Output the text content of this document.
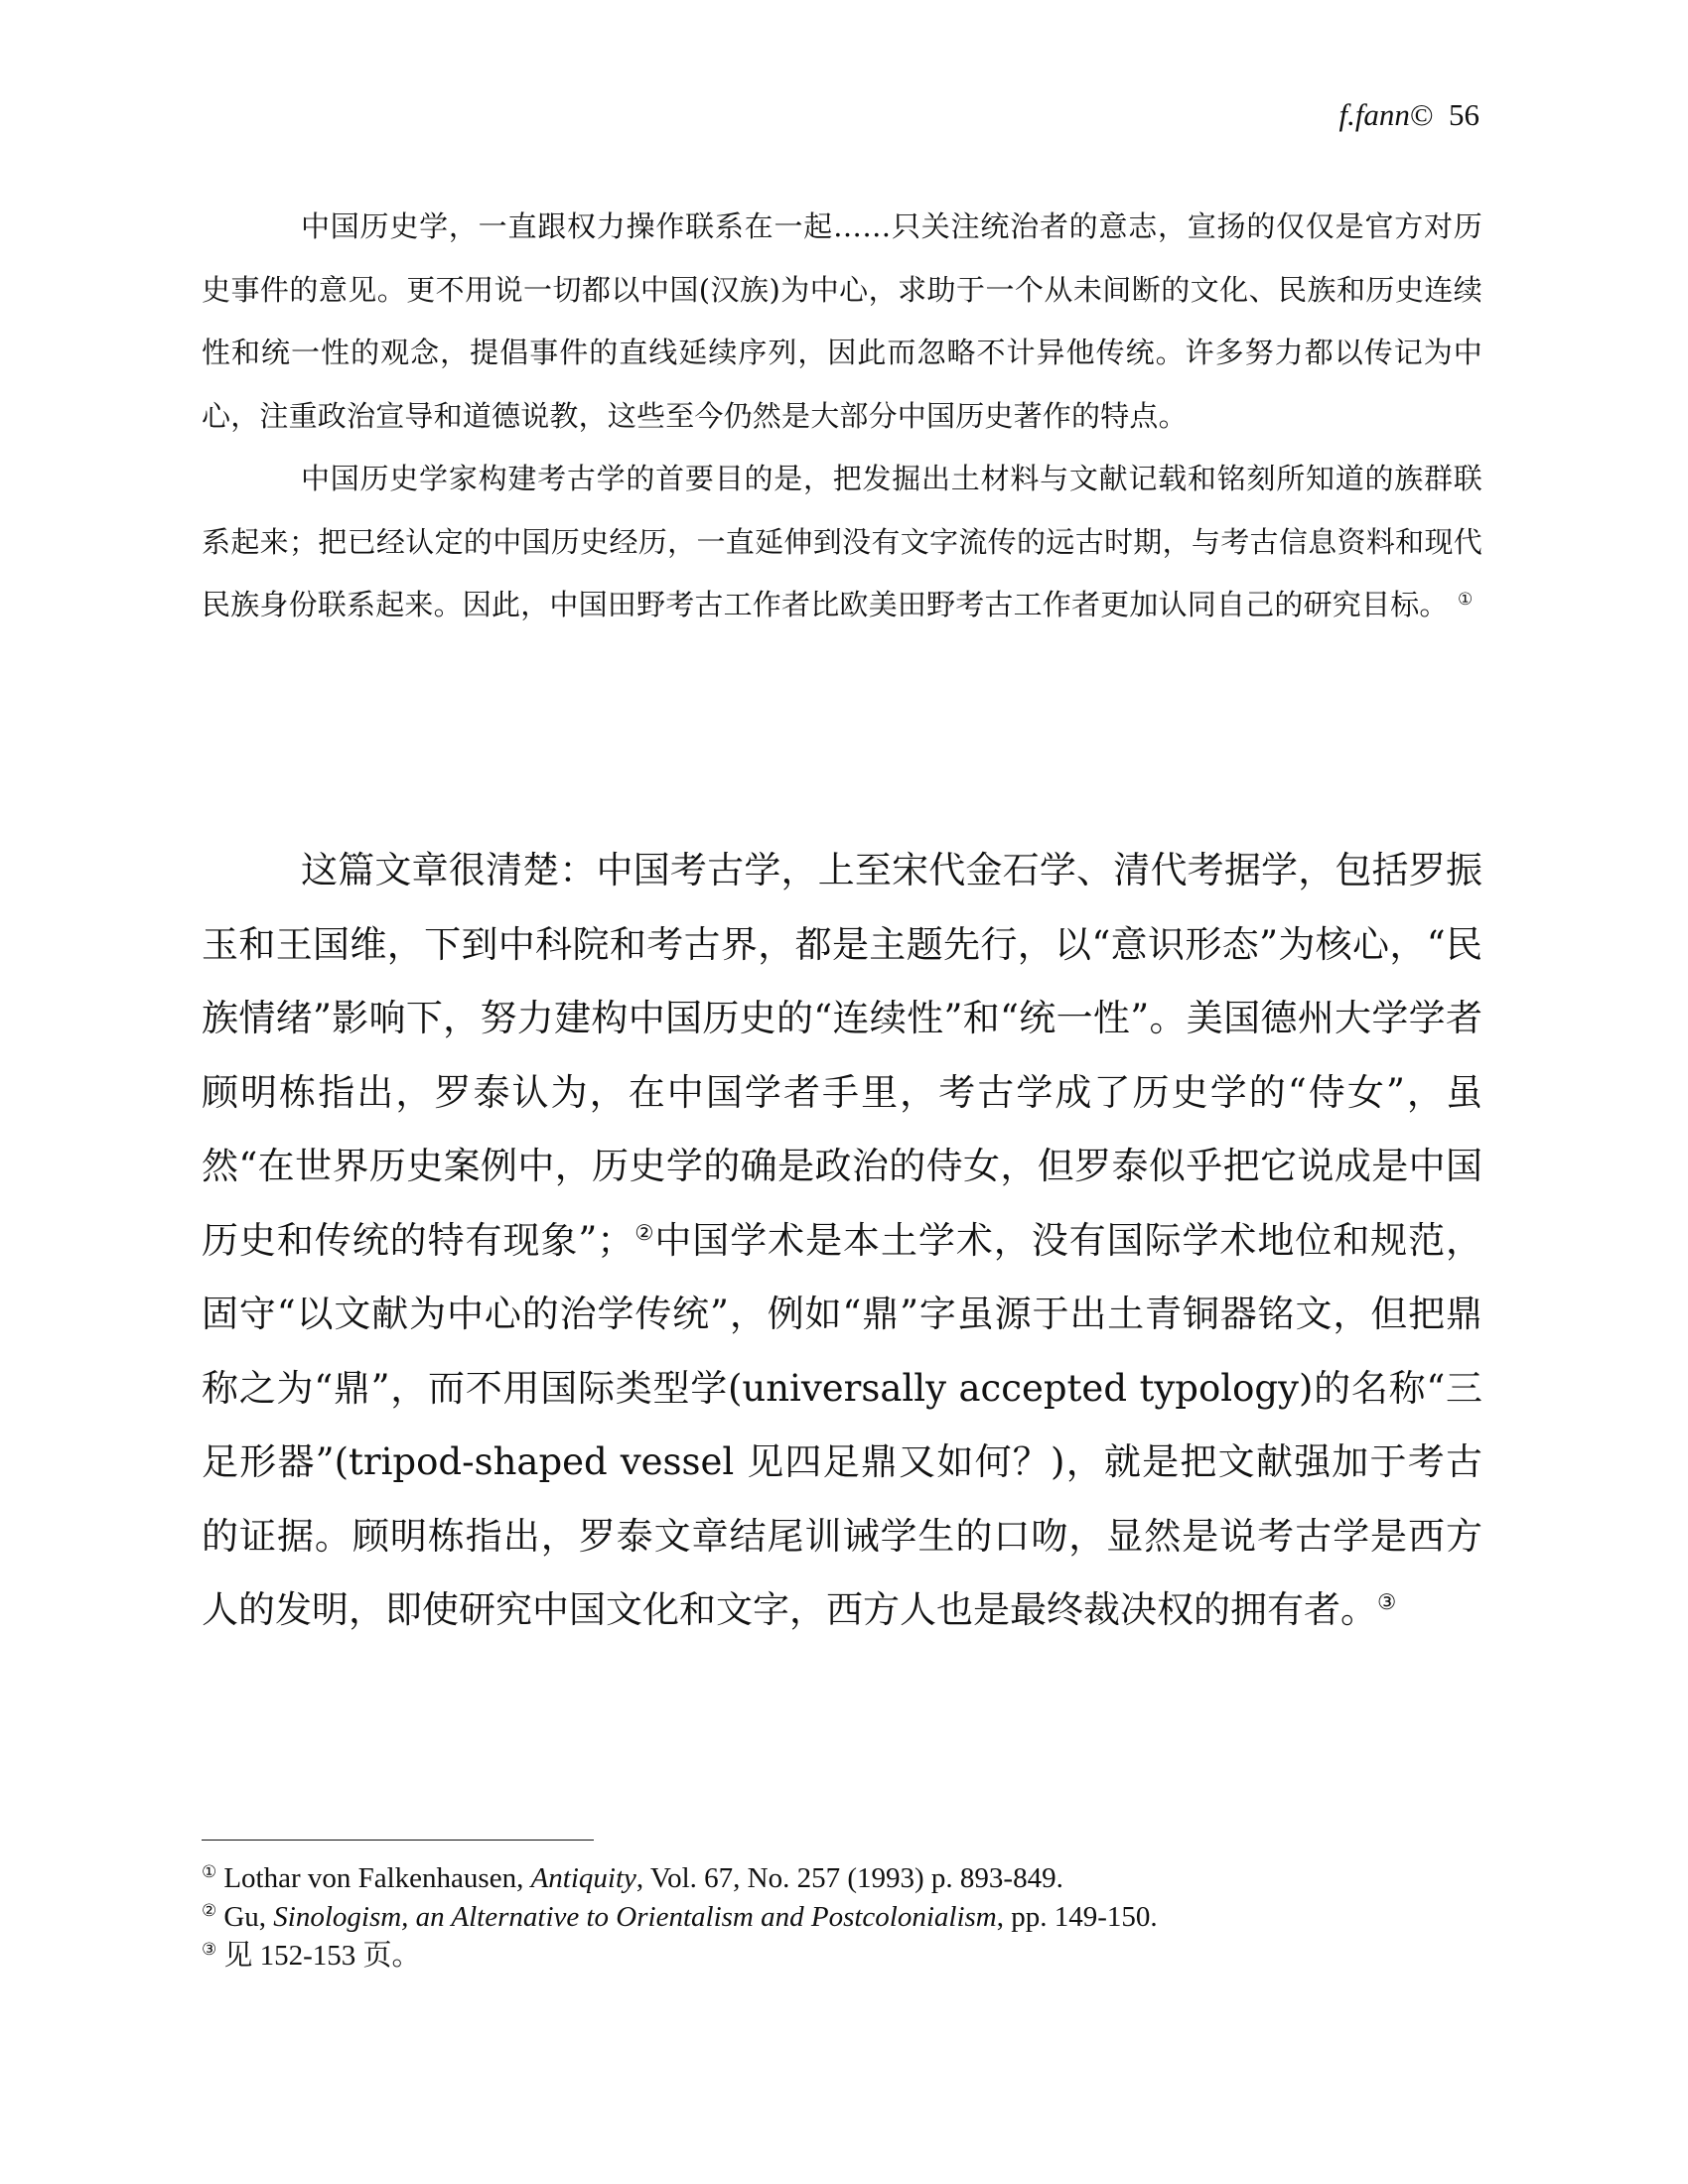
f.fann© 56

中国历史学，一直跟权力操作联系在一起……只关注统治者的意志，宣扬的仅仅是官方对历史事件的意见。更不用说一切都以中国(汉族)为中心，求助于一个从未间断的文化、民族和历史连续性和统一性的观念，提倡事件的直线延续序列，因此而忽略不计异他传统。许多努力都以传记为中心，注重政治宣导和道德说教，这些至今仍然是大部分中国历史著作的特点。

中国历史学家构建考古学的首要目的是，把发掘出土材料与文献记载和铭刻所知道的族群联系起来；把已经认定的中国历史经历，一直延伸到没有文字流传的远古时期，与考古信息资料和现代民族身份联系起来。因此，中国田野考古工作者比欧美田野考古工作者更加认同自己的研究目标。 ①

这篇文章很清楚：中国考古学，上至宋代金石学、清代考据学，包括罗振玉和王国维，下到中科院和考古界，都是主题先行，以“意识形态”为核心，“民族情绪”影响下，努力建构中国历史的“连续性”和“统一性”。美国德州大学学者顾明栋指出，罗泰认为，在中国学者手里，考古学成了历史学的“侍女”，虽然“在世界历史案例中，历史学的确是政治的侍女，但罗泰似乎把它说成是中国历史和传统的特有现象”；②中国学术是本土学术，没有国际学术地位和规范，固守“以文献为中心的治学传统”，例如“鼎”字虽源于出土青铜器铭文，但把鼎称之为“鼎”，而不用国际类型学(universally accepted typology)的名称“三足形器”(tripod-shaped vessel 见四足鼎又如何？)，就是把文献强加于考古的证据。顾明栋指出，罗泰文章结尾训诫学生的口吻，显然是说考古学是西方人的发明，即使研究中国文化和文字，西方人也是最终裁决权的拥有者。③

① Lothar von Falkenhausen, Antiquity, Vol. 67, No. 257 (1993) p. 893-849.

② Gu, Sinologism, an Alternative to Orientalism and Postcolonialism, pp. 149-150.

③ 见 152-153 页。
